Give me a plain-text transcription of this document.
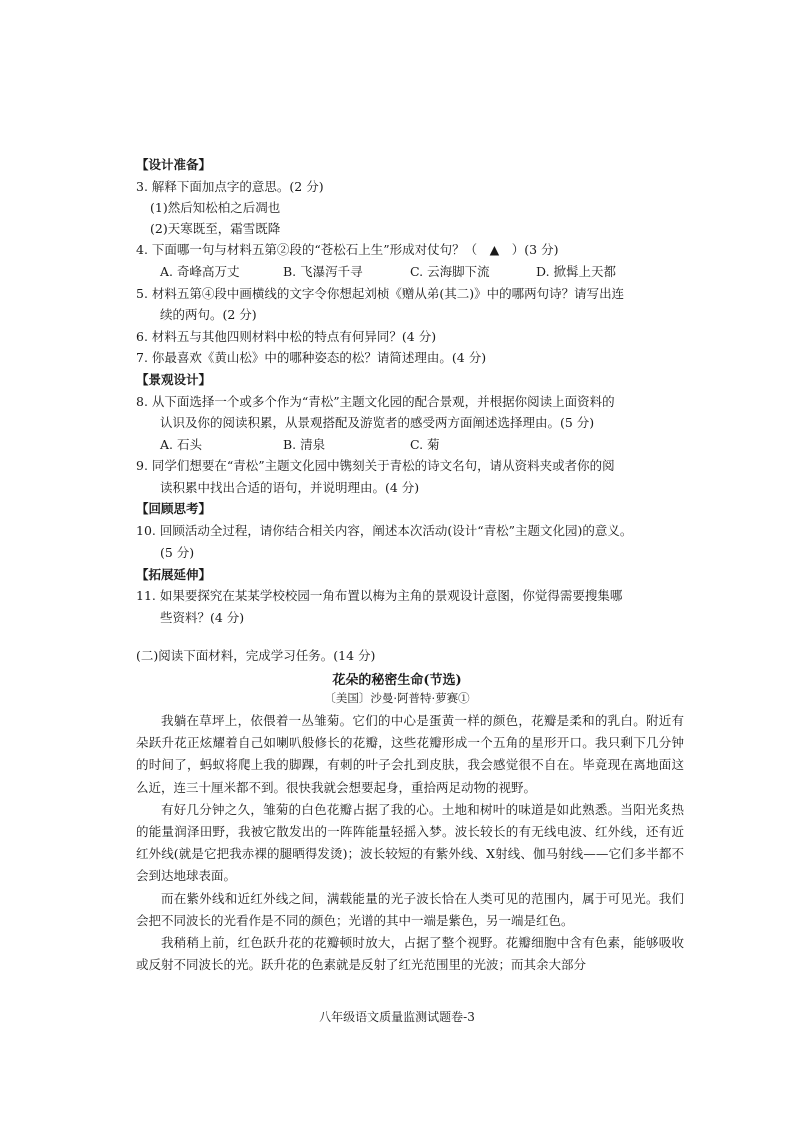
【设计准备】
3. 解释下面加点字的意思。(2 分)
(1)然后知松柏之后凋也
(2)天寒既至，霜雪既降
4. 下面哪一句与材料五第②段的“苍松石上生”形成对仗句？（　▲　）(3 分)
A. 奇峰高万丈	B. 飞瀑泻千寻	C. 云海脚下流	D. 掀髯上天都
5. 材料五第④段中画横线的文字令你想起刘桢《赠从弟(其二)》中的哪两句诗？请写出连
续的两句。(2 分)
6. 材料五与其他四则材料中松的特点有何异同？(4 分)
7. 你最喜欢《黄山松》中的哪种姿态的松？请简述理由。(4 分)
【景观设计】
8. 从下面选择一个或多个作为“青松”主题文化园的配合景观，并根据你阅读上面资料的
认识及你的阅读积累，从景观搭配及游览者的感受两方面阐述选择理由。(5 分)
A. 石头	B. 清泉	C. 菊
9. 同学们想要在“青松”主题文化园中镌刻关于青松的诗文名句，请从资料夹或者你的阅
读积累中找出合适的语句，并说明理由。(4 分)
【回顾思考】
10. 回顾活动全过程，请你结合相关内容，阐述本次活动(设计“青松”主题文化园)的意义。
(5 分)
【拓展延伸】
11. 如果要探究在某某学校校园一角布置以梅为主角的景观设计意图，你觉得需要搜集哪
些资料？(4 分)
(二)阅读下面材料，完成学习任务。(14 分)
花朵的秘密生命(节选)
〔美国〕沙曼·阿普特·萝赛①

我躺在草坪上，依偎着一丛雏菊。它们的中心是蛋黄一样的颜色，花瓣是柔和的乳白。附近有朵跃升花正炫耀着自己如喇叭般修长的花瓣，这些花瓣形成一个五角的星形开口。我只剩下几分钟的时间了，蚂蚁将爬上我的脚踝，有刺的叶子会扎到皮肤，我会感觉很不自在。毕竟现在离地面这么近，连三十厘米都不到。很快我就会想要起身，重拾两足动物的视野。

有好几分钟之久，雏菊的白色花瓣占据了我的心。土地和树叶的味道是如此熟悉。当阳光炙热的能量润泽田野，我被它散发出的一阵阵能量轻摇入梦。波长较长的有无线电波、红外线，还有近红外线(就是它把我赤裸的腿晒得发烫)；波长较短的有紫外线、X射线、伽马射线——它们多半都不会到达地球表面。

而在紫外线和近红外线之间，满载能量的光子波长恰在人类可见的范围内，属于可见光。我们会把不同波长的光看作是不同的颜色；光谱的其中一端是紫色，另一端是红色。

我稍稍上前，红色跃升花的花瓣顿时放大，占据了整个视野。花瓣细胞中含有色素，能够吸收或反射不同波长的光。跃升花的色素就是反射了红光范围里的光波；而其余大部分

八年级语文质量监测试题卷-3
